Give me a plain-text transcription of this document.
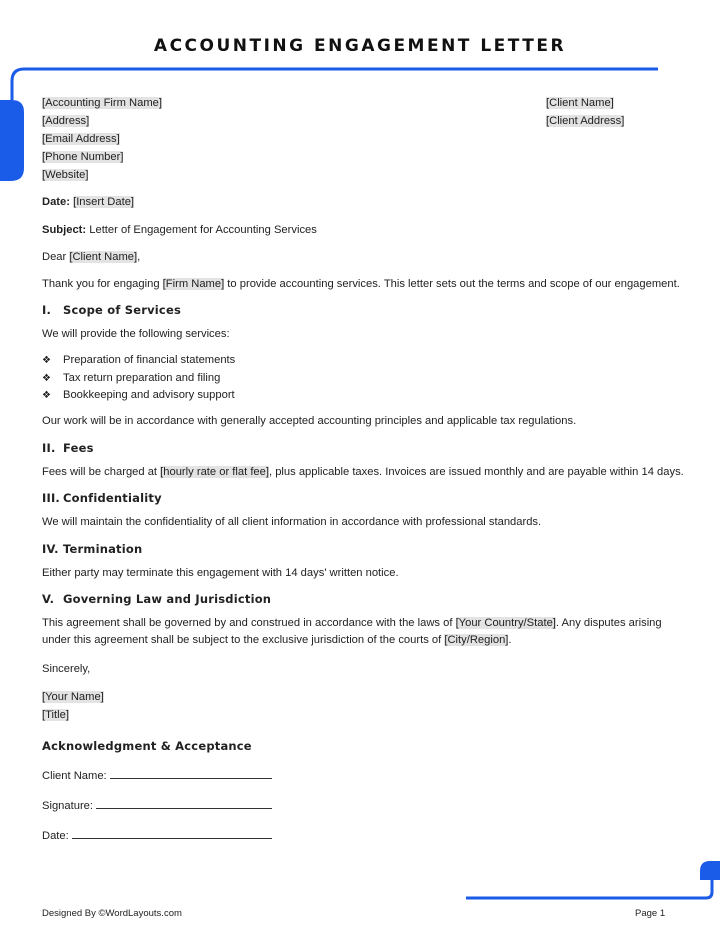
ACCOUNTING ENGAGEMENT LETTER
[Accounting Firm Name]
[Address]
[Email Address]
[Phone Number]
[Website]
[Client Name]
[Client Address]
Date: [Insert Date]
Subject: Letter of Engagement for Accounting Services
Dear [Client Name],
Thank you for engaging [Firm Name] to provide accounting services. This letter sets out the terms and scope of our engagement.
I. Scope of Services
We will provide the following services:
❖ Preparation of financial statements
❖ Tax return preparation and filing
❖ Bookkeeping and advisory support
Our work will be in accordance with generally accepted accounting principles and applicable tax regulations.
II. Fees
Fees will be charged at [hourly rate or flat fee], plus applicable taxes. Invoices are issued monthly and are payable within 14 days.
III. Confidentiality
We will maintain the confidentiality of all client information in accordance with professional standards.
IV. Termination
Either party may terminate this engagement with 14 days' written notice.
V. Governing Law and Jurisdiction
This agreement shall be governed by and construed in accordance with the laws of [Your Country/State]. Any disputes arising
under this agreement shall be subject to the exclusive jurisdiction of the courts of [City/Region].
Sincerely,
[Your Name]
[Title]
Acknowledgment & Acceptance
Client Name:
Signature:
Date:
Designed By ©WordLayouts.com	Page 1
